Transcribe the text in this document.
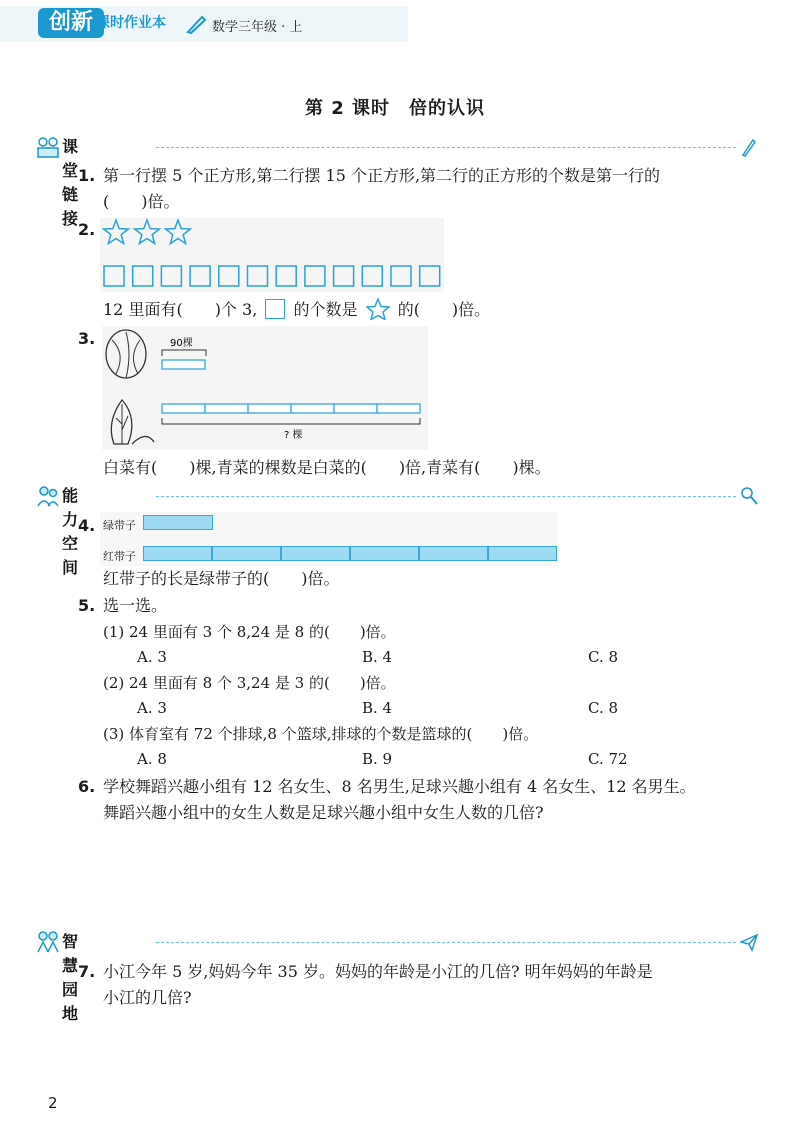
创新 课时作业本	数学三年级 · 上
第 2 课时　倍的认识
课堂链接
1. 第一行摆 5 个正方形,第二行摆 15 个正方形,第二行的正方形的个数是第一行的
(　　)倍。
2.
12 里面有(　　)个 3, 的个数是	的(　　)倍。
3.	90棵
? 棵
白菜有(　　)棵,青菜的棵数是白菜的(　　)倍,青菜有(　　)棵。
能力空间
4. 绿带子
红带子
红带子的长是绿带子的(　　)倍。
5. 选一选。
(1) 24 里面有 3 个 8,24 是 8 的(　　)倍。
A. 3	B. 4	C. 8
(2) 24 里面有 8 个 3,24 是 3 的(　　)倍。
A. 3	B. 4	C. 8
(3) 体育室有 72 个排球,8 个篮球,排球的个数是篮球的(　　)倍。
A. 8	B. 9	C. 72
6. 学校舞蹈兴趣小组有 12 名女生、8 名男生,足球兴趣小组有 4 名女生、12 名男生。
舞蹈兴趣小组中的女生人数是足球兴趣小组中女生人数的几倍?
智慧园地
7. 小江今年 5 岁,妈妈今年 35 岁。妈妈的年龄是小江的几倍? 明年妈妈的年龄是
小江的几倍?
2
